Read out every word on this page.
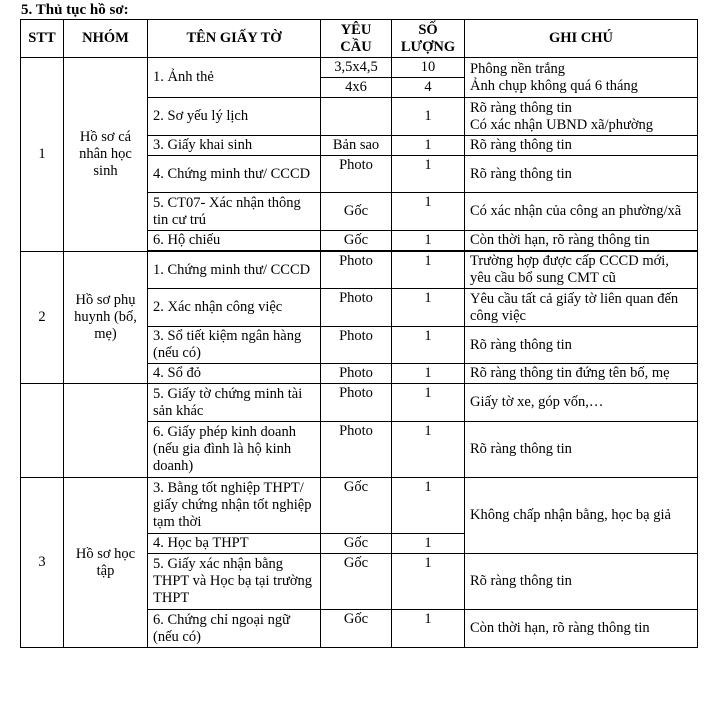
5. Thủ tục hồ sơ:
STT	NHÓM	TÊN GIẤY TỜ	YÊU
CẦU	SỐ
LƯỢNG	GHI CHÚ
1	Hồ sơ cá nhân học sinh	1. Ảnh thẻ	3,5x4,5	10	Phông nền trắng
Ảnh chụp không quá 6 tháng

			4x6	4	
		2. Sơ yếu lý lịch		1	Rõ ràng thông tin
Có xác nhận UBND xã/phường

		3. Giấy khai sinh	Bản sao	1	Rõ ràng thông tin
		4. Chứng minh thư/ CCCD	Photo	1	Rõ ràng thông tin
		5. CT07- Xác nhận thông tin cư trú	Gốc	1	Có xác nhận của công an phường/xã
		6. Hộ chiếu	Gốc	1	Còn thời hạn, rõ ràng thông tin

2	Hồ sơ phụ huynh (bố, mẹ)	1. Chứng minh thư/ CCCD	Photo	1	Trường hợp được cấp CCCD mới, yêu cầu bổ sung CMT cũ
		2. Xác nhận công việc	Photo	1	Yêu cầu tất cả giấy tờ liên quan đến công việc
		3. Sổ tiết kiệm ngân hàng (nếu có)	Photo	1	Rõ ràng thông tin
		4. Sổ đỏ	Photo	1	Rõ ràng thông tin đứng tên bố, mẹ
		5. Giấy tờ chứng minh tài sản khác	Photo	1	Giấy tờ xe, góp vốn,…
		6. Giấy phép kinh doanh (nếu gia đình là hộ kinh doanh)	Photo	1	Rõ ràng thông tin
3	Hồ sơ học tập	3. Bằng tốt nghiệp THPT/ giấy chứng nhận tốt nghiệp tạm thời	Gốc	1	Không chấp nhận bằng, học bạ giả
		4. Học bạ THPT	Gốc	1	
		5. Giấy xác nhận bằng THPT và Học bạ tại trường THPT	Gốc	1	Rõ ràng thông tin
		6. Chứng chỉ ngoại ngữ (nếu có)	Gốc	1	Còn thời hạn, rõ ràng thông tin
